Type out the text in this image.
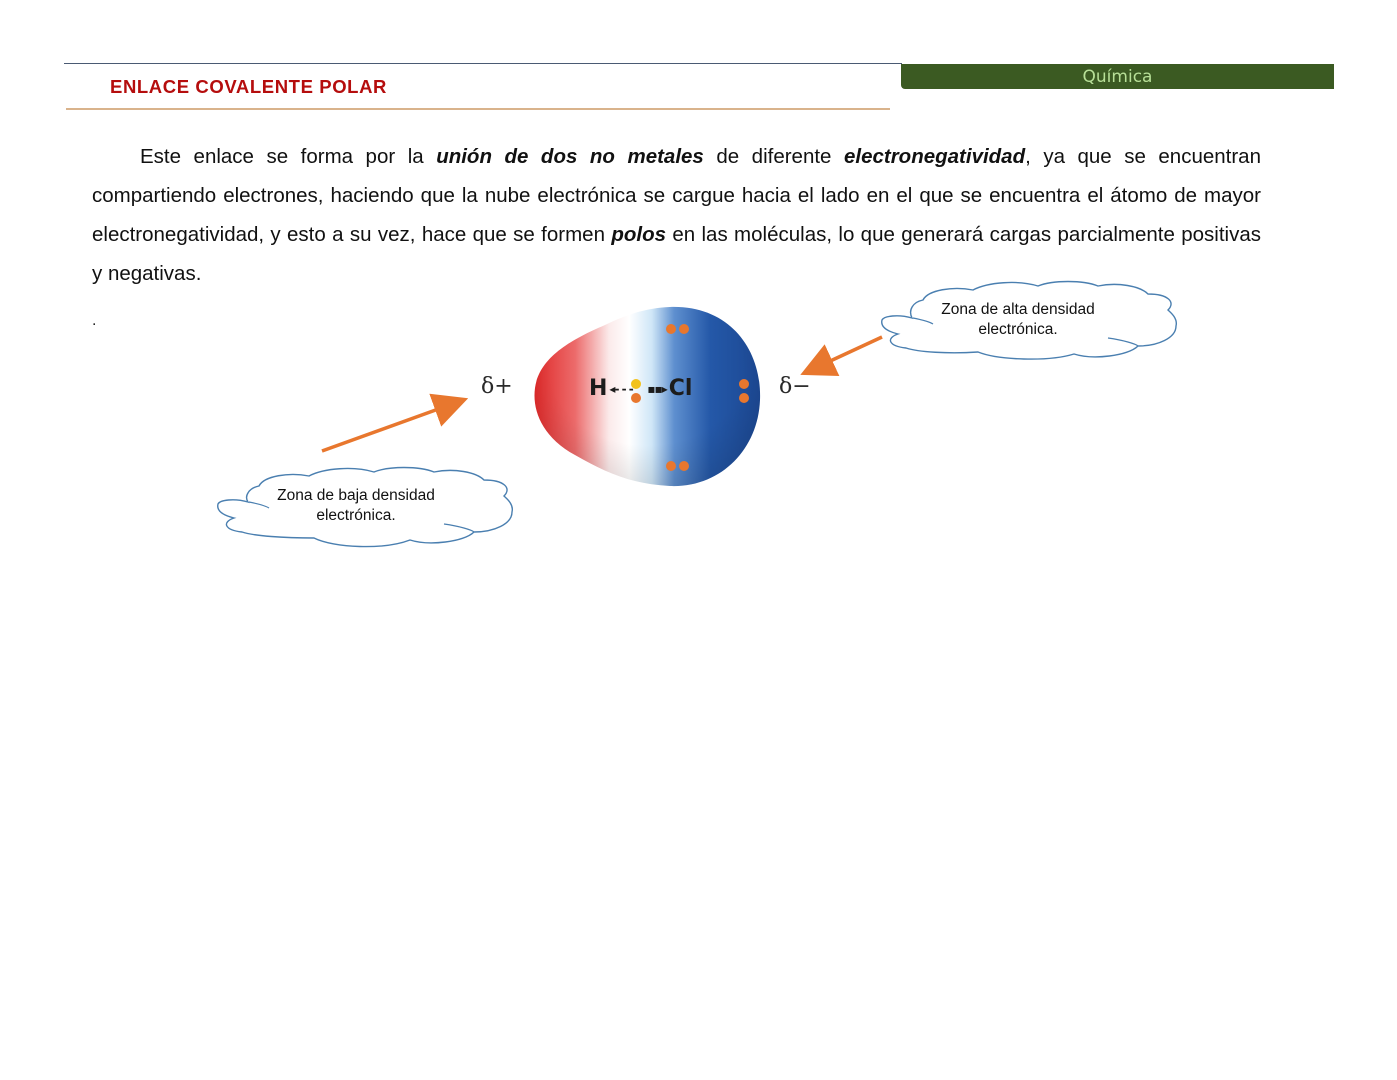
ENLACE COVALENTE POLAR	Química
Este enlace se forma por la unión de dos no metales de diferente electronegatividad, ya que se encuentran compartiendo electrones, haciendo que la nube electrónica se cargue hacia el lado en el que se encuentra el átomo de mayor electronegatividad, y esto a su vez, hace que se formen polos en las moléculas, lo que generará cargas parcialmente positivas y negativas.
.
H ◂‐ ‐ ‐	▪▪▸ Cl
δ+	δ−
Zona de alta densidad
electrónica.
Zona de baja densidad
electrónica.
